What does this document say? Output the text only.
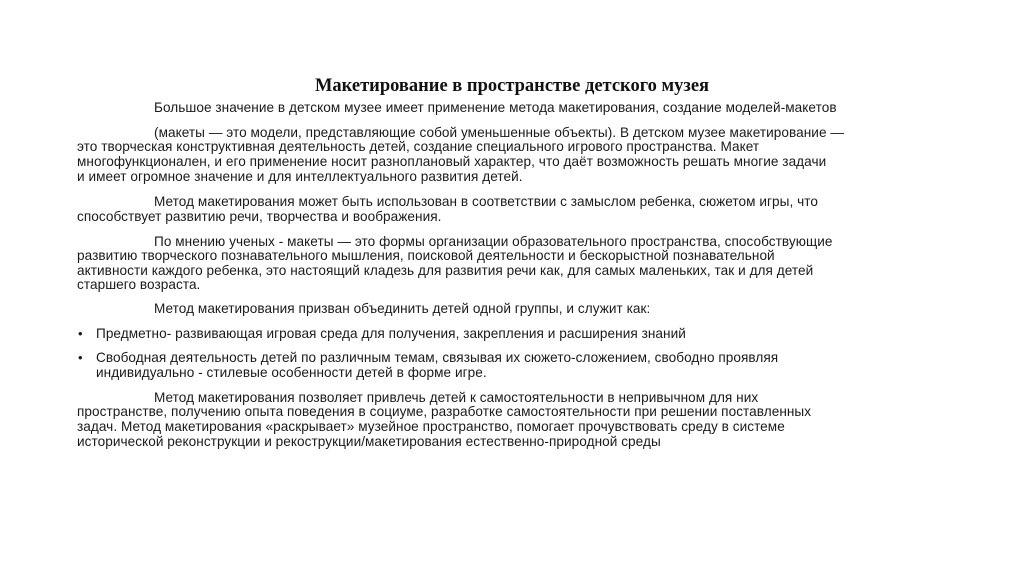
Макетирование в пространстве детского музея
Большое значение в детском музее имеет применение метода макетирования, создание моделей-макетов
(макеты — это модели, представляющие собой уменьшенные объекты). В детском музее макетирование —
это творческая конструктивная деятельность детей, создание специального игрового пространства. Макет
многофункционален, и его применение носит разноплановый характер, что даёт возможность решать многие задачи
и имеет огромное значение и для интеллектуального развития детей.
Метод макетирования может быть использован в соответствии с замыслом ребенка, сюжетом игры, что
способствует развитию речи, творчества и воображения.
По мнению ученых - макеты — это формы организации образовательного пространства, способствующие
развитию творческого познавательного мышления, поисковой деятельности и бескорыстной познавательной
активности каждого ребенка, это настоящий кладезь для развития речи как, для самых маленьких, так и для детей
старшего возраста.
Метод макетирования призван объединить детей одной группы, и служит как:
• Предметно- развивающая игровая среда для получения, закрепления и расширения знаний
• Свободная деятельность детей по различным темам, связывая их сюжето-сложением, свободно проявляя
индивидуально - стилевые особенности детей в форме игре.
Метод макетирования позволяет привлечь детей к самостоятельности в непривычном для них
пространстве, получению опыта поведения в социуме, разработке самостоятельности при решении поставленных
задач. Метод макетирования «раскрывает» музейное пространство, помогает прочувствовать среду в системе
исторической реконструкции и рекострукции/макетирования естественно-природной среды
